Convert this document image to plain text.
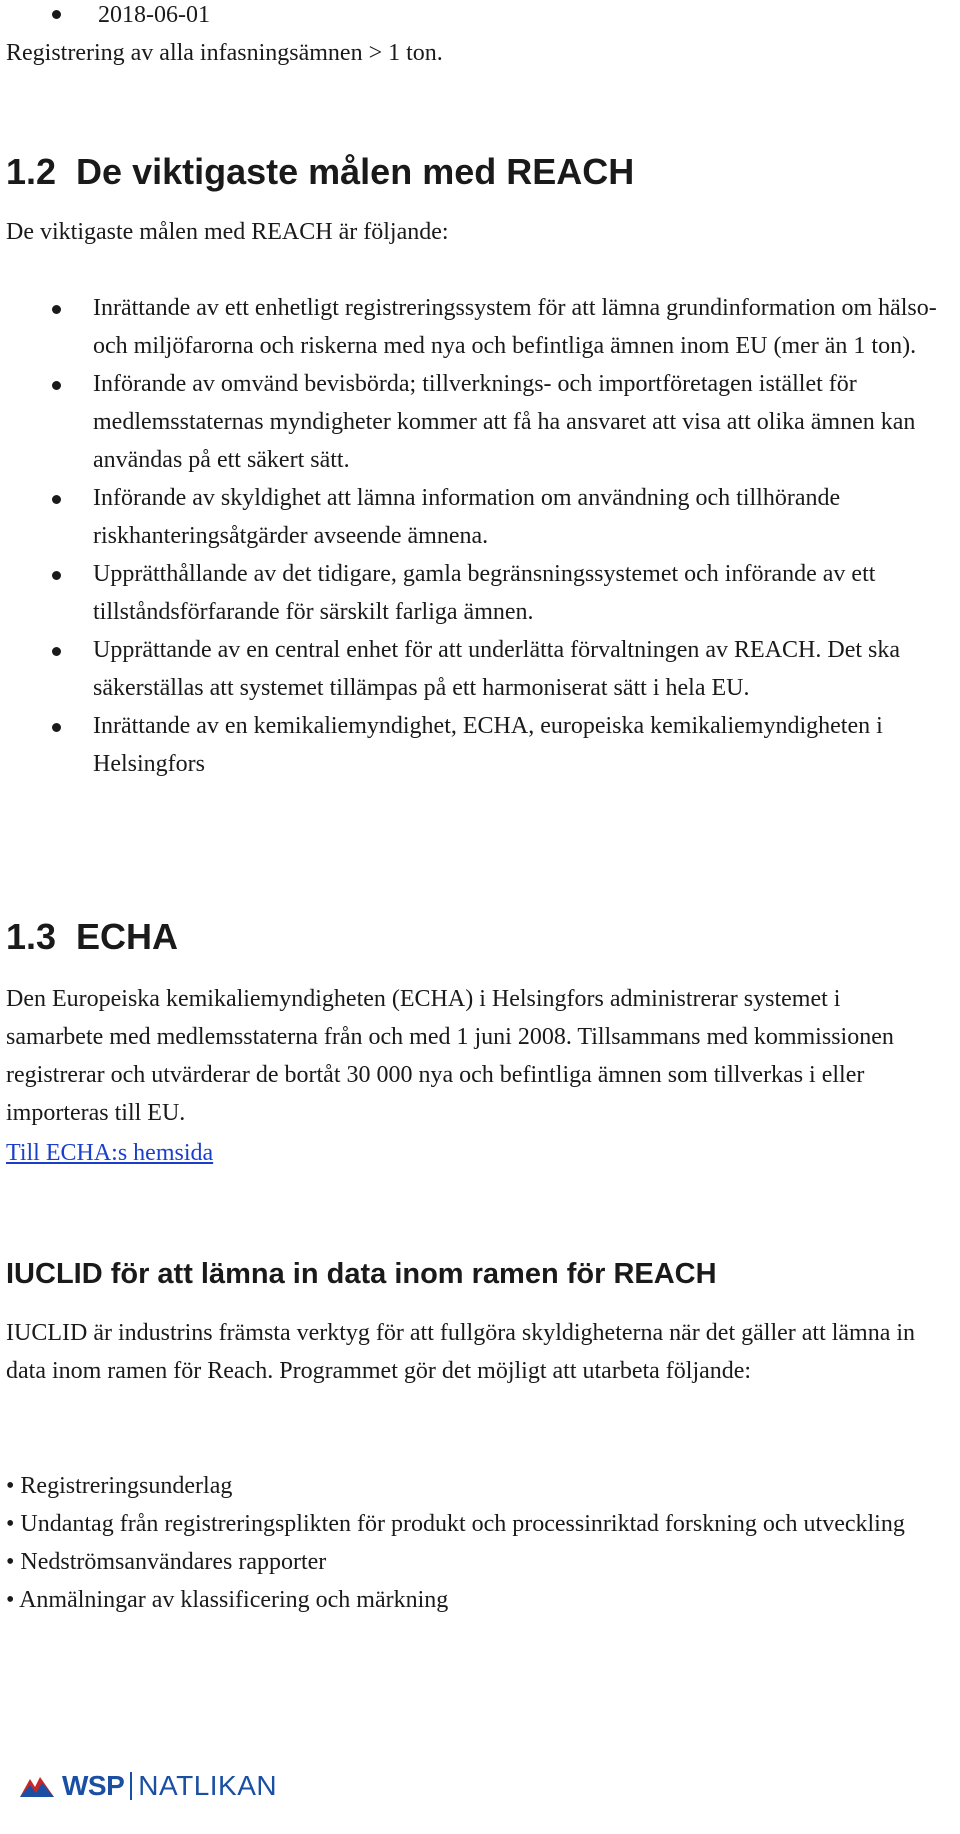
2018-06-01
Registrering av alla infasningsämnen > 1 ton.
1.2  De viktigaste målen med REACH
De viktigaste målen med REACH är följande:
Inrättande av ett enhetligt registreringssystem för att lämna grundinformation om hälso- och miljöfarorna och riskerna med nya och befintliga ämnen inom EU (mer än 1 ton).
Införande av omvänd bevisbörda; tillverknings- och importföretagen istället för medlemsstaternas myndigheter kommer att få ha ansvaret att visa att olika ämnen kan användas på ett säkert sätt.
Införande av skyldighet att lämna information om användning och tillhörande riskhanteringsåtgärder avseende ämnena.
Upprätthållande av det tidigare, gamla begränsningssystemet och införande av ett tillståndsförfarande för särskilt farliga ämnen.
Upprättande av en central enhet för att underlätta förvaltningen av REACH. Det ska säkerställas att systemet tillämpas på ett harmoniserat sätt i hela EU.
Inrättande av en kemikaliemyndighet, ECHA, europeiska kemikaliemyndigheten i Helsingfors
1.3  ECHA
Den Europeiska kemikaliemyndigheten (ECHA) i Helsingfors administrerar systemet i samarbete med medlemsstaterna från och med 1 juni 2008. Tillsammans med kommissionen registrerar och utvärderar de bortåt 30 000 nya och befintliga ämnen som tillverkas i eller importeras till EU.
Till ECHA:s hemsida
IUCLID för att lämna in data inom ramen för REACH
IUCLID är industrins främsta verktyg för att fullgöra skyldigheterna när det gäller att lämna in data inom ramen för Reach. Programmet gör det möjligt att utarbeta följande:
• Registreringsunderlag
• Undantag från registreringsplikten för produkt och processinriktad forskning och utveckling
• Nedströmsanvändares rapporter
• Anmälningar av klassificering och märkning
WSP NATLIKAN
